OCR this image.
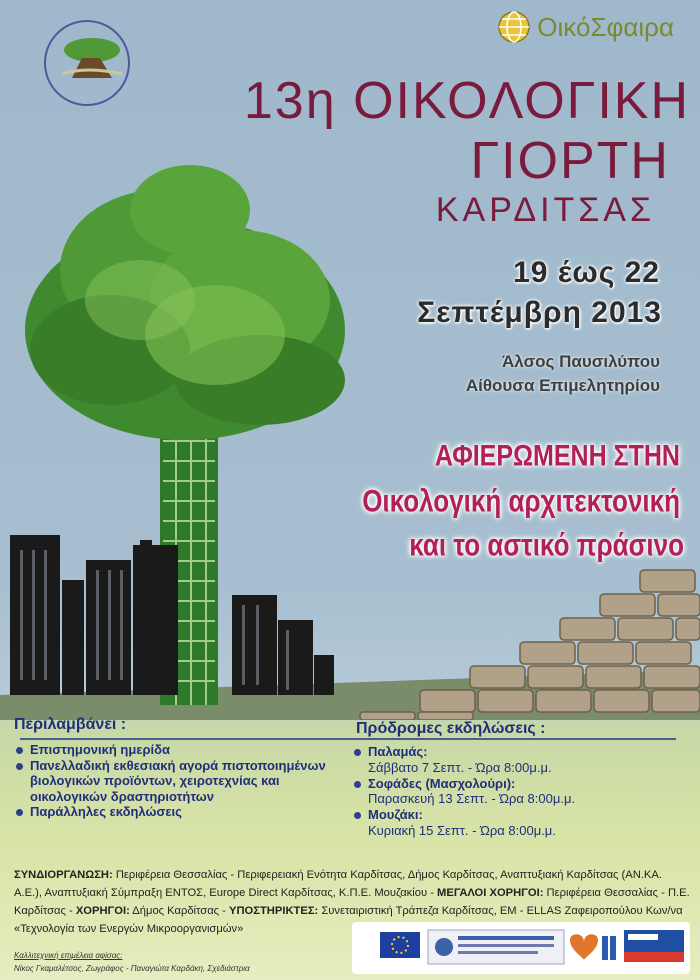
ΟικόΣφαιρα
13η ΟΙΚΟΛΟΓΙΚΗ
ΓΙΟΡΤΗ
ΚΑΡΔΙΤΣΑΣ
19 έως 22
Σεπτέμβρη 2013
Άλσος Παυσιλύπου
Αίθουσα Επιμελητηρίου
ΑΦΙΕΡΩΜΕΝΗ ΣΤΗΝ
Οικολογική αρχιτεκτονική
και το αστικό πράσινο
Περιλαμβάνει :	Πρόδρομες εκδηλώσεις :
Επιστημονική ημερίδα
Πανελλαδική εκθεσιακή αγορά πιστοποιημένων βιολογικών προϊόντων, χειροτεχνίας και οικολογικών δραστηριοτήτων
Παράλληλες εκδηλώσεις
Παλαμάς:
Σάββατο 7 Σεπτ. - Ώρα 8:00μ.μ.
Σοφάδες (Μασχολούρι):
Παρασκευή 13 Σεπτ. - Ώρα 8:00μ.μ.
Μουζάκι:
Κυριακή 15 Σεπτ. - Ώρα 8:00μ.μ.
ΣΥΝΔΙΟΡΓΑΝΩΣΗ: Περιφέρεια Θεσσαλίας - Περιφερειακή Ενότητα Καρδίτσας, Δήμος Καρδίτσας, Αναπτυξιακή Καρδίτσας (ΑΝ.ΚΑ. Α.Ε.), Αναπτυξιακή Σύμπραξη ΕΝΤΟΣ, Europe Direct Καρδίτσας, Κ.Π.Ε. Μουζακίου - ΜΕΓΑΛΟΙ ΧΟΡΗΓΟΙ: Περιφέρεια Θεσσαλίας - Π.Ε. Καρδίτσας - ΧΟΡΗΓΟΙ: Δήμος Καρδίτσας - ΥΠΟΣΤΗΡΙΚΤΕΣ: Συνεταιριστική Τράπεζα Καρδίτσας, ΕΜ - ELLAS Ζαφειροπούλου Κων/να «Τεχνολογία των Ενεργών Μικροοργανισμών»
Καλλιτεχνική επιμέλεια αφίσας:
Νίκος Γκαμαλέτσος, Ζωγράφος - Παναγιώτα Καρδάκη, Σχεδιάστρια
